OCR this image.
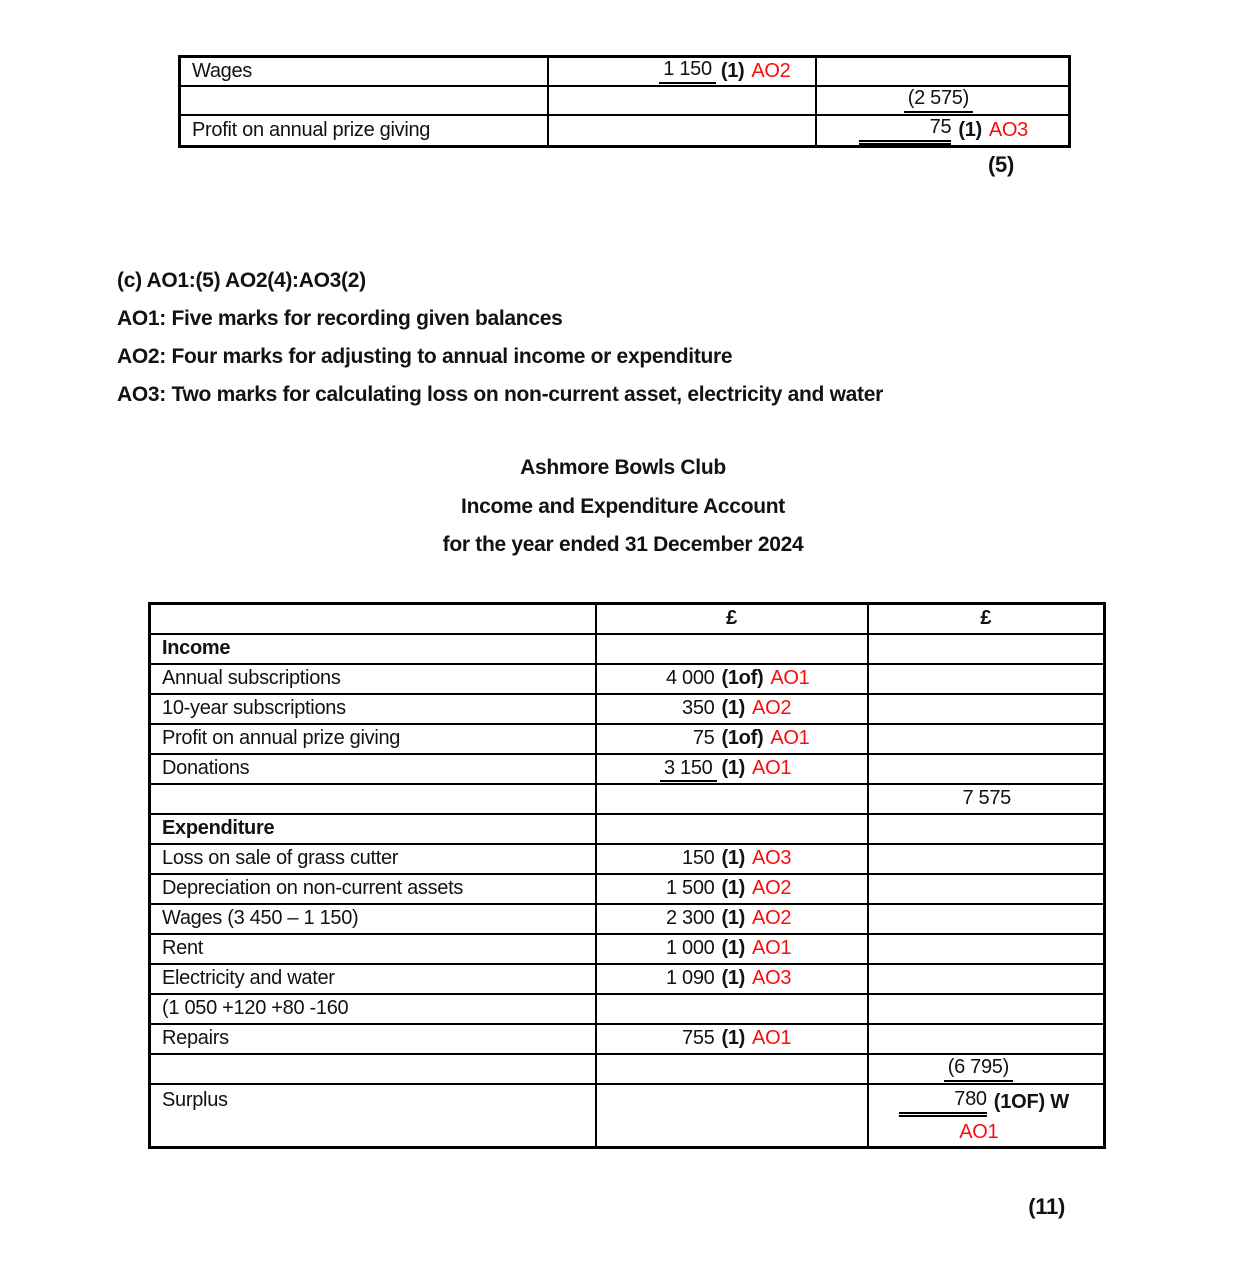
Wages	1 150 (1) AO2	

		(2 575)

Profit on annual prize giving		75 (1) AO3
(5)
(c) AO1:(5) AO2(4):AO3(2)
AO1: Five marks for recording given balances
AO2: Four marks for adjusting to annual income or expenditure
AO3: Two marks for calculating loss on non-current asset, electricity and water
Ashmore Bowls Club
Income and Expenditure Account
for the year ended 31 December 2024
	£	£
Income		
Annual subscriptions	4 000 (1of) AO1	

10-year subscriptions	350 (1) AO2	

Profit on annual prize giving	75 (1of) AO1	

Donations	3 150 (1) AO1	

		7 575

Expenditure		
Loss on sale of grass cutter	150 (1) AO3	

Depreciation on non-current assets	1 500 (1) AO2	

Wages (3 450 – 1 150)	2 300 (1) AO2	

Rent	1 000 (1) AO1	

Electricity and water	1 090 (1) AO3	

(1 050 +120 +80 -160		
Repairs	755 (1) AO1	

		(6 795)

Surplus		780 (1OF) W
AO1
(11)
